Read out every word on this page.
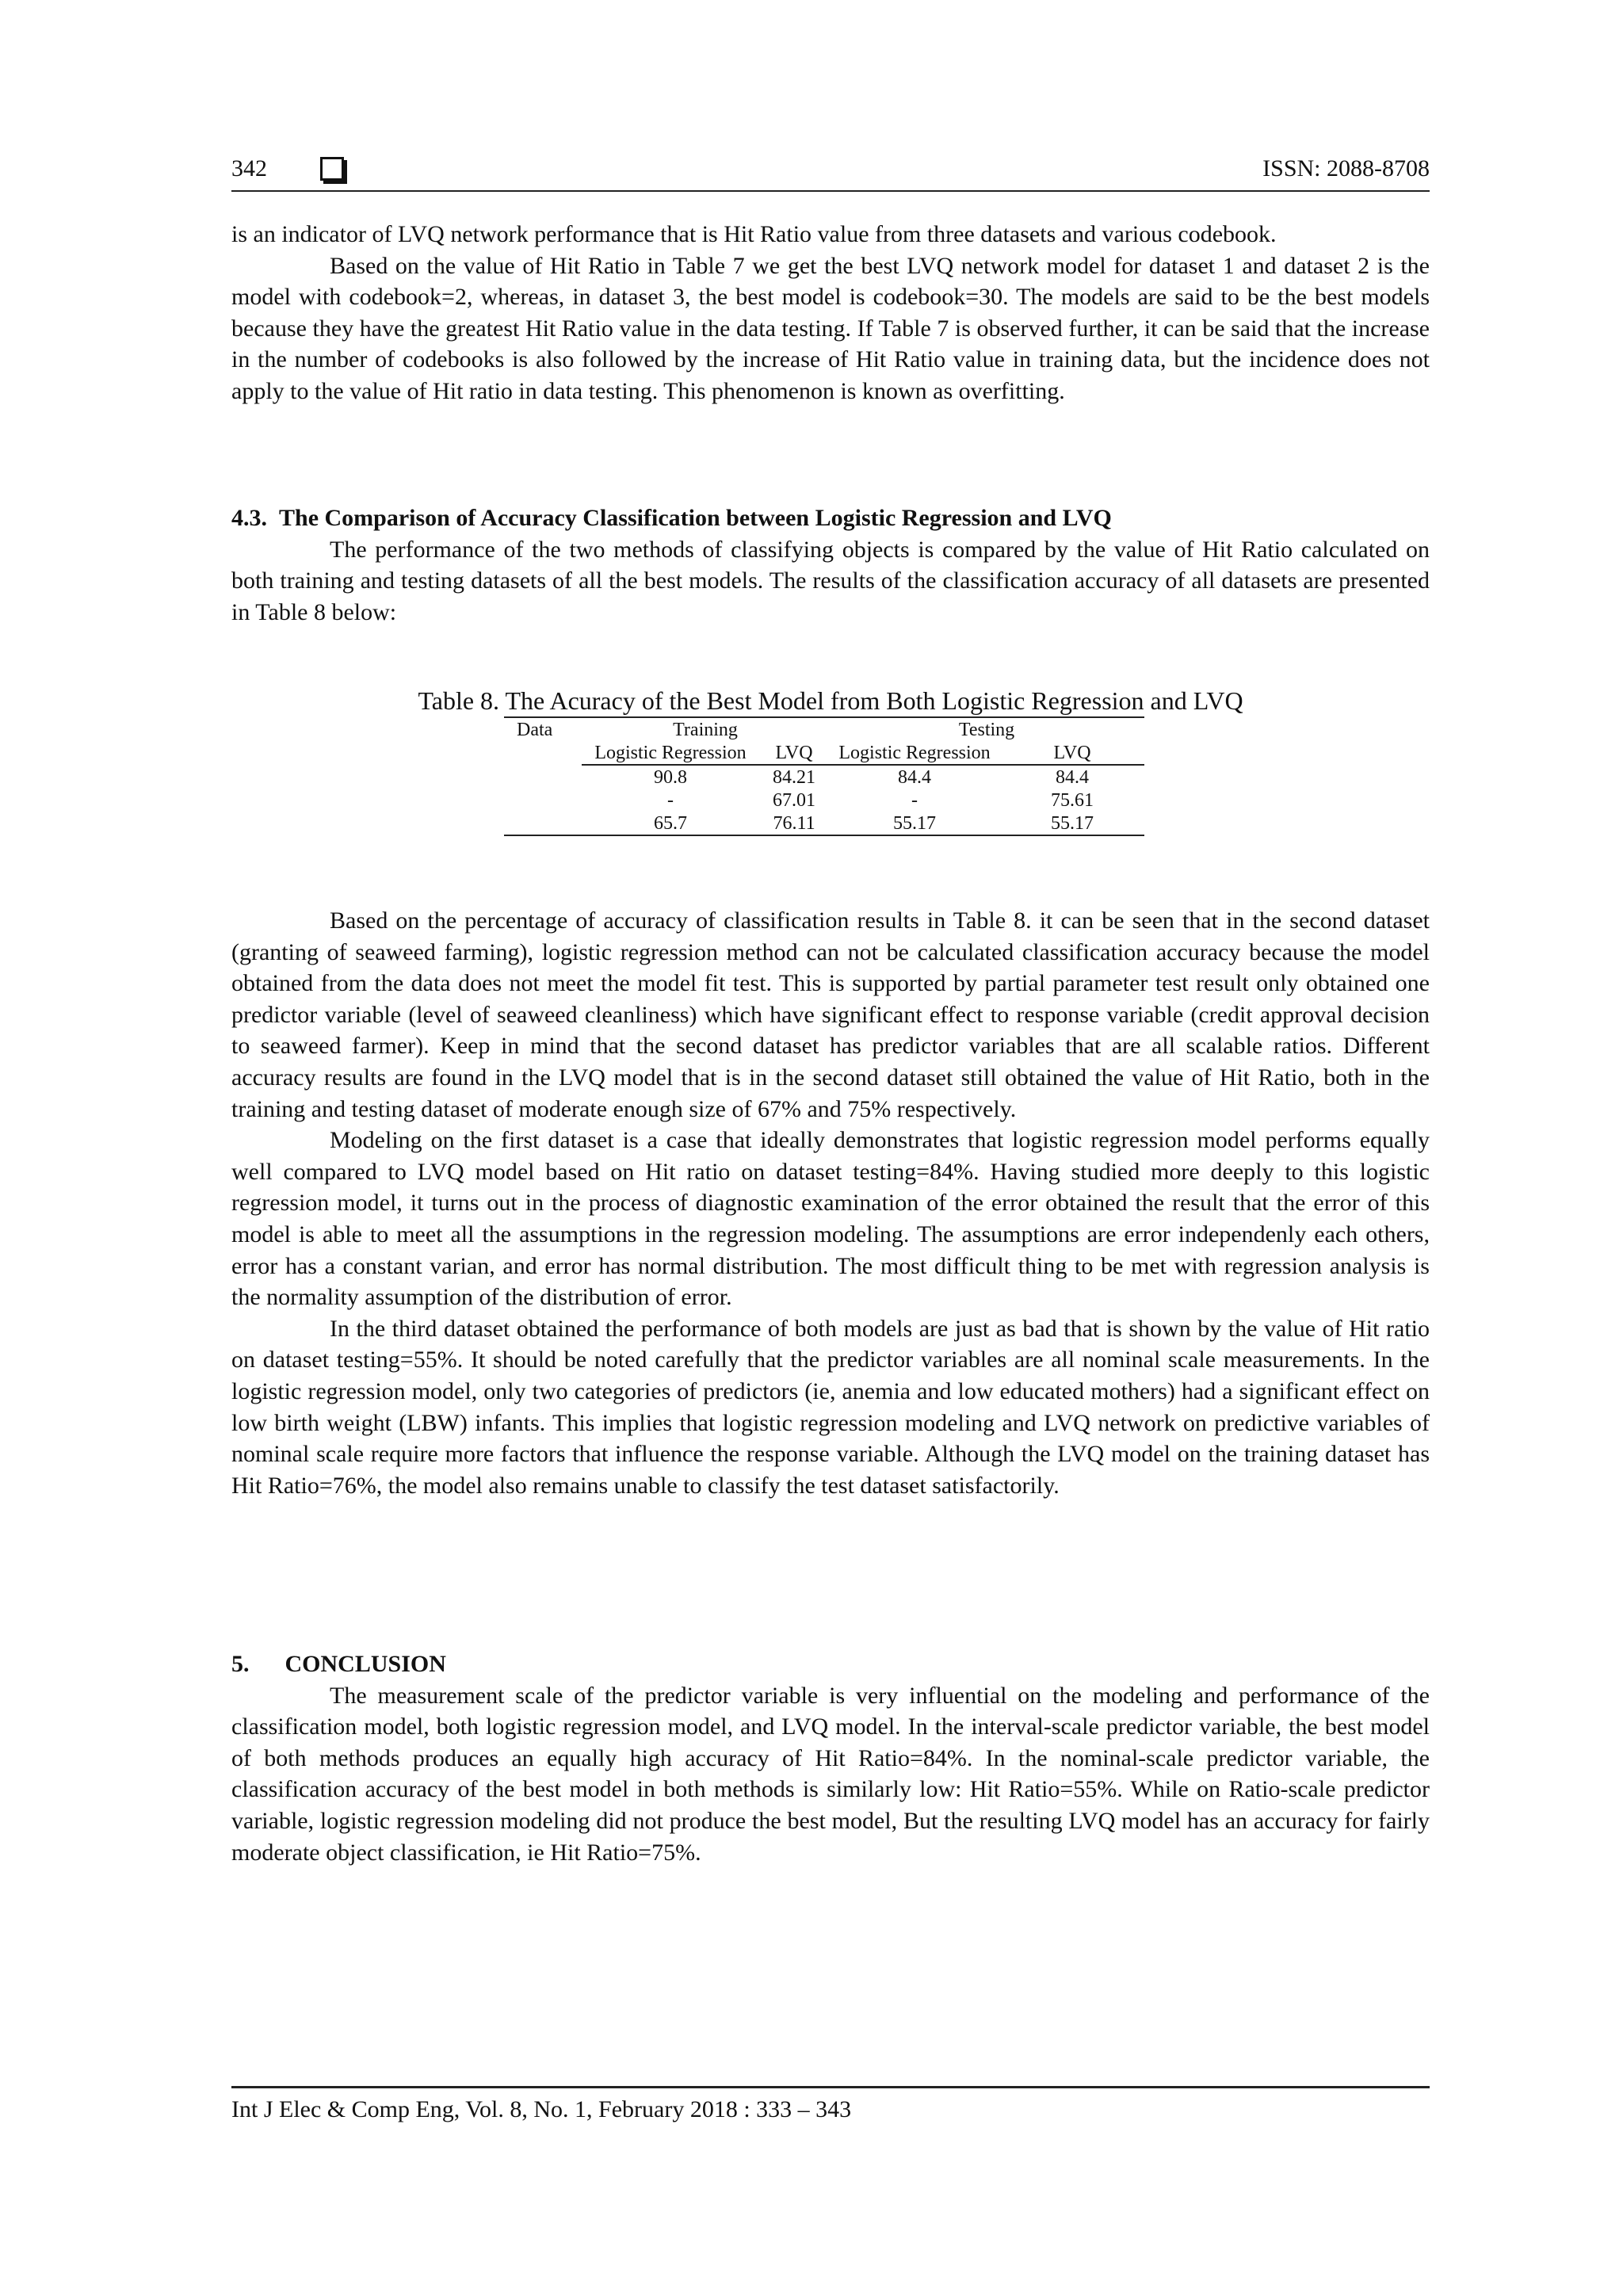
342	ISSN: 2088-8708

is an indicator of LVQ network performance that is Hit Ratio value from three datasets and various codebook.

Based on the value of Hit Ratio in Table 7 we get the best LVQ network model for dataset 1 and dataset 2 is the model with codebook=2, whereas, in dataset 3, the best model is codebook=30. The models are said to be the best models because they have the greatest Hit Ratio value in the data testing. If Table 7 is observed further, it can be said that the increase in the number of codebooks is also followed by the increase of Hit Ratio value in training data, but the incidence does not apply to the value of Hit ratio in data testing. This phenomenon is known as overfitting.

4.3.  The Comparison of Accuracy Classification between Logistic Regression and LVQ

The performance of the two methods of classifying objects is compared by the value of Hit Ratio calculated on both training and testing datasets of all the best models. The results of the classification accuracy of all datasets are presented in Table 8 below:

Table 8. The Acuracy of the Best Model from Both Logistic Regression and LVQ
Data	Training		Testing	
	Logistic Regression	LVQ	Logistic Regression	LVQ
	90.8	84.21	84.4	84.4
	-	67.01	-	75.61
	65.7	76.11	55.17	55.17

Based on the percentage of accuracy of classification results in Table 8. it can be seen that in the second dataset (granting of seaweed farming), logistic regression method can not be calculated classification accuracy because the model obtained from the data does not meet the model fit test. This is supported by partial parameter test result only obtained one predictor variable (level of seaweed cleanliness) which have significant effect to response variable (credit approval decision to seaweed farmer). Keep in mind that the second dataset has predictor variables that are all scalable ratios. Different accuracy results are found in the LVQ model that is in the second dataset still obtained the value of Hit Ratio, both in the training and testing dataset of moderate enough size of 67% and 75% respectively.

Modeling on the first dataset is a case that ideally demonstrates that logistic regression model performs equally well compared to LVQ model based on Hit ratio on dataset testing=84%. Having studied more deeply to this logistic regression model, it turns out in the process of diagnostic examination of the error obtained the result that the error of this model is able to meet all the assumptions in the regression modeling. The assumptions are error independenly each others, error has a constant varian, and error has normal distribution. The most difficult thing to be met with regression analysis is the normality assumption of the distribution of error.

In the third dataset obtained the performance of both models are just as bad that is shown by the value of Hit ratio on dataset testing=55%. It should be noted carefully that the predictor variables are all nominal scale measurements. In the logistic regression model, only two categories of predictors (ie, anemia and low educated mothers) had a significant effect on low birth weight (LBW) infants. This implies that logistic regression modeling and LVQ network on predictive variables of nominal scale require more factors that influence the response variable. Although the LVQ model on the training dataset has Hit Ratio=76%, the model also remains unable to classify the test dataset satisfactorily.

5.      CONCLUSION

The measurement scale of the predictor variable is very influential on the modeling and performance of the classification model, both logistic regression model, and LVQ model. In the interval-scale predictor variable, the best model of both methods produces an equally high accuracy of Hit Ratio=84%. In the nominal-scale predictor variable, the classification accuracy of the best model in both methods is similarly low: Hit Ratio=55%. While on Ratio-scale predictor variable, logistic regression modeling did not produce the best model, But the resulting LVQ model has an accuracy for fairly moderate object classification, ie Hit Ratio=75%.

Int J Elec & Comp Eng, Vol. 8, No. 1, February 2018 : 333 – 343
